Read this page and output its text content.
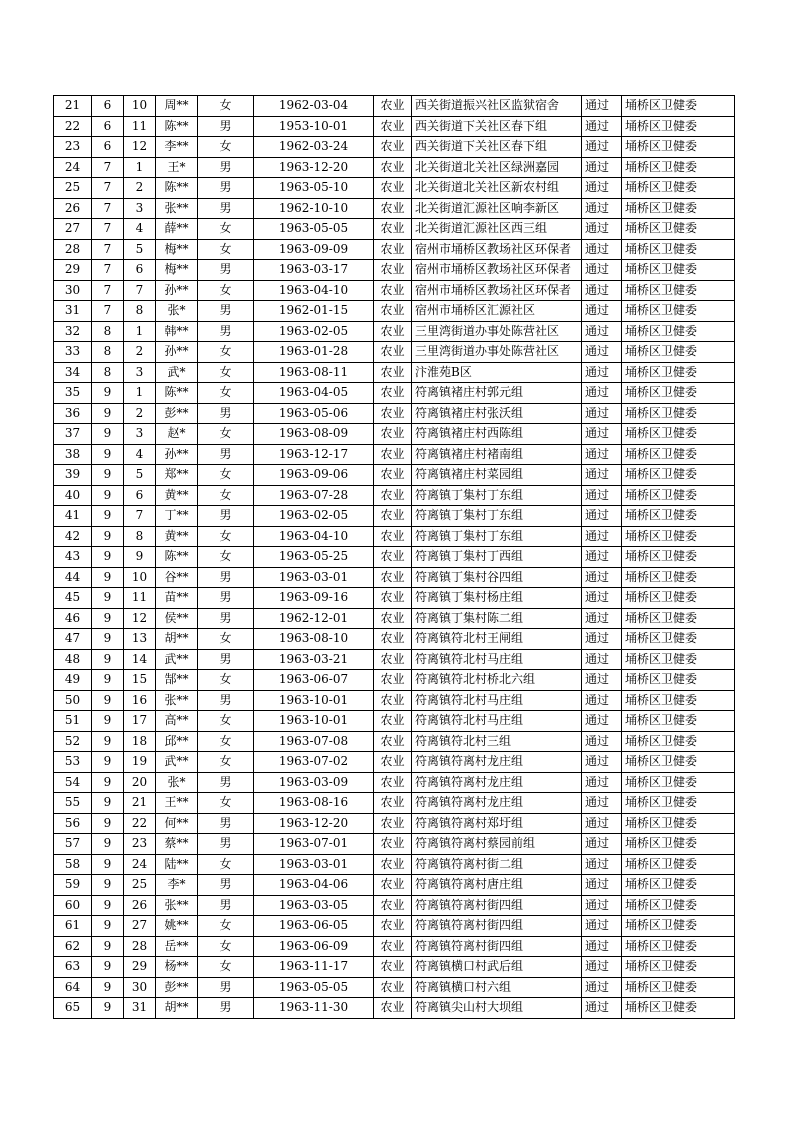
21	6	10	周**	女	1962-03-04	农业	西关街道振兴社区监狱宿舍	通过	埇桥区卫健委
22	6	11	陈**	男	1953-10-01	农业	西关街道下关社区春下组	通过	埇桥区卫健委
23	6	12	李**	女	1962-03-24	农业	西关街道下关社区春下组	通过	埇桥区卫健委
24	7	1	王*	男	1963-12-20	农业	北关街道北关社区绿洲嘉园	通过	埇桥区卫健委
25	7	2	陈**	男	1963-05-10	农业	北关街道北关社区新农村组	通过	埇桥区卫健委
26	7	3	张**	男	1962-10-10	农业	北关街道汇源社区响李新区	通过	埇桥区卫健委
27	7	4	薛**	女	1963-05-05	农业	北关街道汇源社区西三组	通过	埇桥区卫健委
28	7	5	梅**	女	1963-09-09	农业	宿州市埇桥区教场社区环保者	通过	埇桥区卫健委
29	7	6	梅**	男	1963-03-17	农业	宿州市埇桥区教场社区环保者	通过	埇桥区卫健委
30	7	7	孙**	女	1963-04-10	农业	宿州市埇桥区教场社区环保者	通过	埇桥区卫健委
31	7	8	张*	男	1962-01-15	农业	宿州市埇桥区汇源社区	通过	埇桥区卫健委
32	8	1	韩**	男	1963-02-05	农业	三里湾街道办事处陈营社区	通过	埇桥区卫健委
33	8	2	孙**	女	1963-01-28	农业	三里湾街道办事处陈营社区	通过	埇桥区卫健委
34	8	3	武*	女	1963-08-11	农业	汴淮苑B区	通过	埇桥区卫健委
35	9	1	陈**	女	1963-04-05	农业	符离镇褚庄村郭元组	通过	埇桥区卫健委
36	9	2	彭**	男	1963-05-06	农业	符离镇褚庄村张沃组	通过	埇桥区卫健委
37	9	3	赵*	女	1963-08-09	农业	符离镇褚庄村西陈组	通过	埇桥区卫健委
38	9	4	孙**	男	1963-12-17	农业	符离镇褚庄村褚南组	通过	埇桥区卫健委
39	9	5	郑**	女	1963-09-06	农业	符离镇褚庄村菜园组	通过	埇桥区卫健委
40	9	6	黄**	女	1963-07-28	农业	符离镇丁集村丁东组	通过	埇桥区卫健委
41	9	7	丁**	男	1963-02-05	农业	符离镇丁集村丁东组	通过	埇桥区卫健委
42	9	8	黄**	女	1963-04-10	农业	符离镇丁集村丁东组	通过	埇桥区卫健委
43	9	9	陈**	女	1963-05-25	农业	符离镇丁集村丁西组	通过	埇桥区卫健委
44	9	10	谷**	男	1963-03-01	农业	符离镇丁集村谷四组	通过	埇桥区卫健委
45	9	11	苗**	男	1963-09-16	农业	符离镇丁集村杨庄组	通过	埇桥区卫健委
46	9	12	侯**	男	1962-12-01	农业	符离镇丁集村陈二组	通过	埇桥区卫健委
47	9	13	胡**	女	1963-08-10	农业	符离镇符北村王闸组	通过	埇桥区卫健委
48	9	14	武**	男	1963-03-21	农业	符离镇符北村马庄组	通过	埇桥区卫健委
49	9	15	郜**	女	1963-06-07	农业	符离镇符北村桥北六组	通过	埇桥区卫健委
50	9	16	张**	男	1963-10-01	农业	符离镇符北村马庄组	通过	埇桥区卫健委
51	9	17	高**	女	1963-10-01	农业	符离镇符北村马庄组	通过	埇桥区卫健委
52	9	18	邱**	女	1963-07-08	农业	符离镇符北村三组	通过	埇桥区卫健委
53	9	19	武**	女	1963-07-02	农业	符离镇符离村龙庄组	通过	埇桥区卫健委
54	9	20	张*	男	1963-03-09	农业	符离镇符离村龙庄组	通过	埇桥区卫健委
55	9	21	王**	女	1963-08-16	农业	符离镇符离村龙庄组	通过	埇桥区卫健委
56	9	22	何**	男	1963-12-20	农业	符离镇符离村郑圩组	通过	埇桥区卫健委
57	9	23	蔡**	男	1963-07-01	农业	符离镇符离村蔡园前组	通过	埇桥区卫健委
58	9	24	陆**	女	1963-03-01	农业	符离镇符离村街二组	通过	埇桥区卫健委
59	9	25	李*	男	1963-04-06	农业	符离镇符离村唐庄组	通过	埇桥区卫健委
60	9	26	张**	男	1963-03-05	农业	符离镇符离村街四组	通过	埇桥区卫健委
61	9	27	姚**	女	1963-06-05	农业	符离镇符离村街四组	通过	埇桥区卫健委
62	9	28	岳**	女	1963-06-09	农业	符离镇符离村街四组	通过	埇桥区卫健委
63	9	29	杨**	女	1963-11-17	农业	符离镇横口村武后组	通过	埇桥区卫健委
64	9	30	彭**	男	1963-05-05	农业	符离镇横口村六组	通过	埇桥区卫健委
65	9	31	胡**	男	1963-11-30	农业	符离镇尖山村大坝组	通过	埇桥区卫健委
